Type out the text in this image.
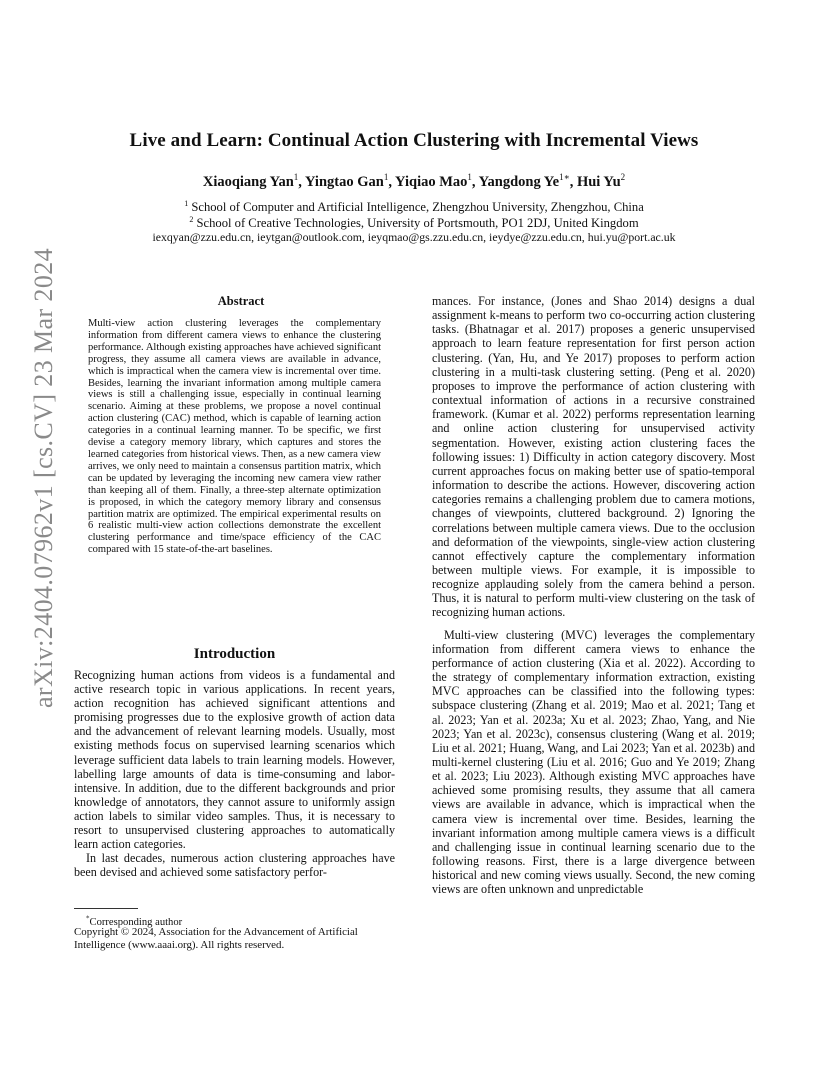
Live and Learn: Continual Action Clustering with Incremental Views
Xiaoqiang Yan$^1$, Yingtao Gan$^1$, Yiqiao Mao$^1$, Yangdong $Ye^{1∗}$, Hui Yu$^2$
$^1$ School of Computer and Artificial Intelligence, Zhengzhou University, Zhengzhou, China
$^2$ School of Creative Technologies, University of Portsmouth, PO1 2DJ, United Kingdom
iexqyan@zzu.edu.cn, ieytgan@outlook.com, ieyqmao@gs.zzu.edu.cn, ieydye@zzu.edu.cn, hui.yu@port.ac.uk
arXiv:2404.07962v1 [cs.CV] 23 Mar 2024	Abstract
Multi-view action clustering leverages the complementary information from different camera views to enhance the clustering performance. Although existing approaches have achieved significant progress, they assume all camera views are available in advance, which is impractical when the camera view is incremental over time. Besides, learning the invariant information among multiple camera views is still a challenging issue, especially in continual learning scenario. Aiming at these problems, we propose a novel continual action clustering (CAC) method, which is capable of learning action categories in a continual learning manner. To be specific, we first devise a category memory library, which captures and stores the learned categories from historical views. Then, as a new camera view arrives, we only need to maintain a consensus partition matrix, which can be updated by leveraging the incoming new camera view rather than keeping all of them. Finally, a three-step alternate optimization is proposed, in which the category memory library and consensus partition matrix are optimized. The empirical experimental results on 6 realistic multi-view action collections demonstrate the excellent clustering performance and time/space efficiency of the CAC compared with 15 state-of-the-art baselines.
Introduction

Recognizing human actions from videos is a fundamental and active research topic in various applications. In recent years, action recognition has achieved significant attentions and promising progresses due to the explosive growth of action data and the advancement of relevant learning models. Usually, most existing methods focus on supervised learning scenarios which leverage sufficient data labels to train learning models. However, labelling large amounts of data is time-consuming and labor-intensive. In addition, due to the different backgrounds and prior knowledge of annotators, they cannot assure to uniformly assign action labels to similar video samples. Thus, it is necessary to resort to unsupervised clustering approaches to automatically learn action categories.

In last decades, numerous action clustering approaches have been devised and achieved some satisfactory perfor-

*Corresponding author
Copyright © 2024, Association for the Advancement of Artificial Intelligence (www.aaai.org). All rights reserved.

mances. For instance, (Jones and Shao 2014) designs a dual assignment k-means to perform two co-occurring action clustering tasks. (Bhatnagar et al. 2017) proposes a generic unsupervised approach to learn feature representation for first person action clustering. (Yan, Hu, and Ye 2017) proposes to perform action clustering in a multi-task clustering setting. (Peng et al. 2020) proposes to improve the performance of action clustering with contextual information of actions in a recursive constrained framework. (Kumar et al. 2022) performs representation learning and online action clustering for unsupervised activity segmentation. However, existing action clustering faces the following issues: 1) Difficulty in action category discovery. Most current approaches focus on making better use of spatio-temporal information to describe the actions. However, discovering action categories remains a challenging problem due to camera motions, changes of viewpoints, cluttered background. 2) Ignoring the correlations between multiple camera views. Due to the occlusion and deformation of the viewpoints, single-view action clustering cannot effectively capture the complementary information between multiple views. For example, it is impossible to recognize applauding solely from the camera behind a person. Thus, it is natural to perform multi-view clustering on the task of recognizing human actions.

Multi-view clustering (MVC) leverages the complementary information from different camera views to enhance the performance of action clustering (Xia et al. 2022). According to the strategy of complementary information extraction, existing MVC approaches can be classified into the following types: subspace clustering (Zhang et al. 2019; Mao et al. 2021; Tang et al. 2023; Yan et al. 2023a; Xu et al. 2023; Zhao, Yang, and Nie 2023; Yan et al. 2023c), consensus clustering (Wang et al. 2019; Liu et al. 2021; Huang, Wang, and Lai 2023; Yan et al. 2023b) and multi-kernel clustering (Liu et al. 2016; Guo and Ye 2019; Zhang et al. 2023; Liu 2023). Although existing MVC approaches have achieved some promising results, they assume that all camera views are available in advance, which is impractical when the camera view is incremental over time. Besides, learning the invariant information among multiple camera views is a difficult and challenging issue in continual learning scenario due to the following reasons. First, there is a large divergence between historical and new coming views usually. Second, the new coming views are often unknown and unpredictable
